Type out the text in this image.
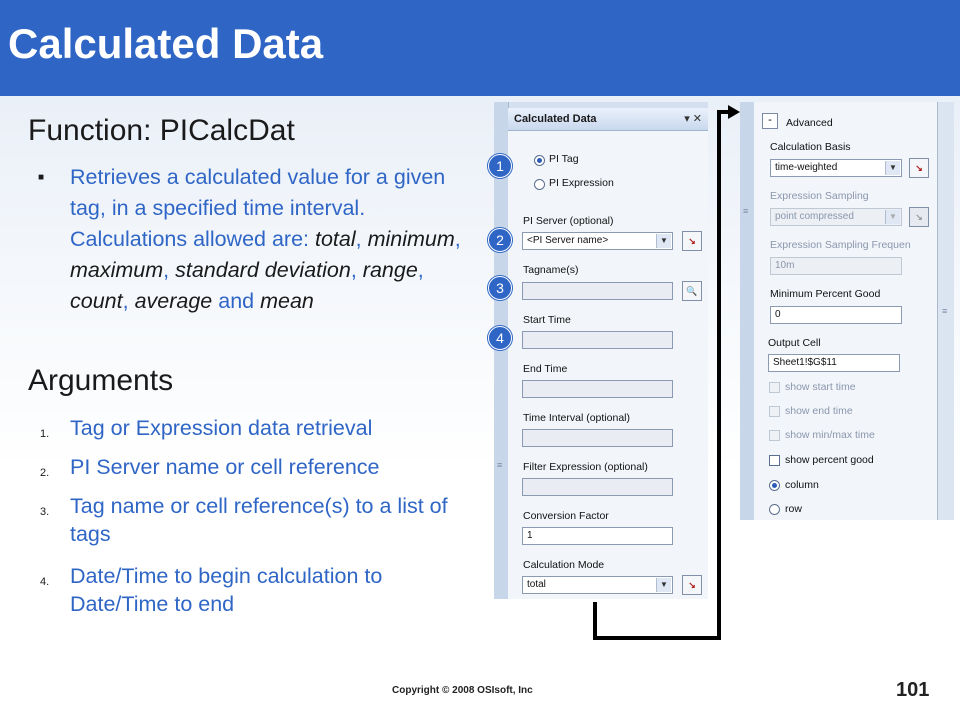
Calculated Data
Function: PICalcDat
■ Retrieves a calculated value for a given tag, in a specified time interval. Calculations allowed are: total, minimum, maximum, standard deviation, range, count, average and mean
Arguments
1. Tag or Expression data retrieval
2. PI Server name or cell reference
3. Tag name or cell reference(s) to a list of tags
4. Date/Time to begin calculation to Date/Time to end
≡
Calculated Data	▾ ✕
PI Tag
PI Expression
PI Server (optional)
<PI Server name>	▼	↘
Tagname(s)
🔍
Start Time
End Time
Time Interval (optional)
Filter Expression (optional)
Conversion Factor
1
Calculation Mode
total	▼	↘
1
2
3
4
≡
-	Advanced
Calculation Basis
time-weighted	▼	↘
Expression Sampling
point compressed	▼	↘
Expression Sampling Frequen
10m
Minimum Percent Good
0
Output Cell
Sheet1!$G$11
show start time
show end time
show min/max time
show percent good
column
row
≡
Copyright © 2008 OSIsoft, Inc	101
